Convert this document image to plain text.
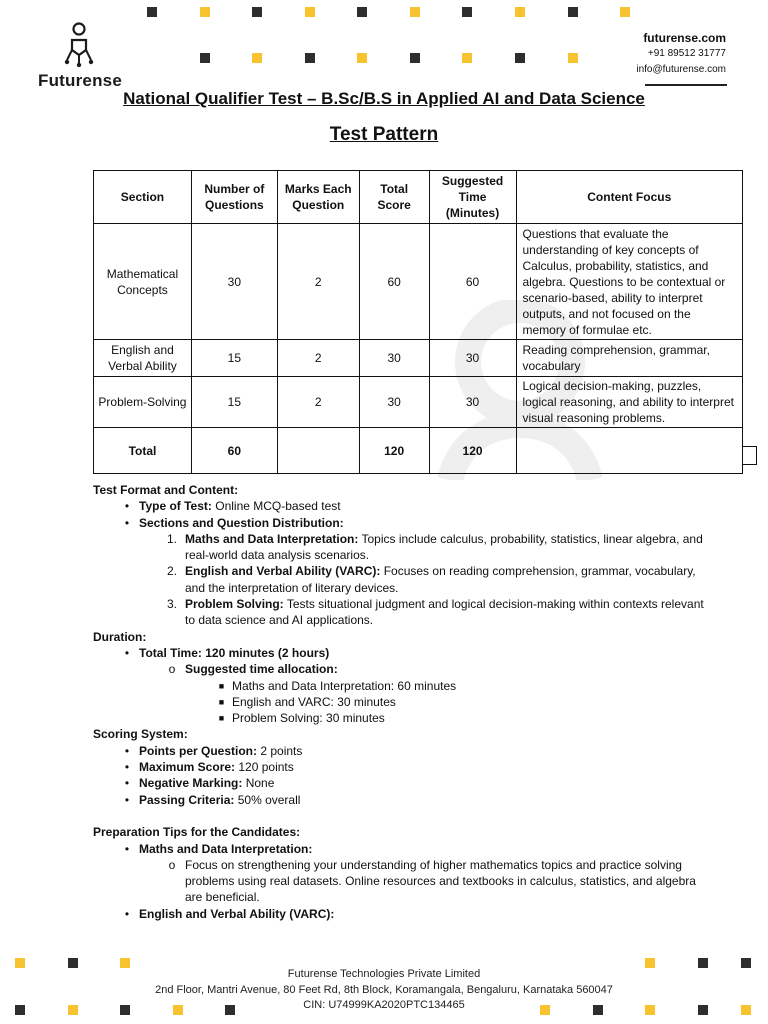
Futurense
futurense.com
+91 89512 31777
info@futurense.com
National Qualifier Test – B.Sc/B.S in Applied AI and Data Science
Test Pattern
Section	Number of Questions	Marks Each Question	Total Score	Suggested Time (Minutes)	Content Focus
Mathematical Concepts	30	2	60	60	Questions that evaluate the understanding of key concepts of Calculus, probability, statistics, and algebra. Questions to be contextual or scenario-based, ability to interpret outputs, and not focused on the memory of formulae etc.
English and Verbal Ability	15	2	30	30	Reading comprehension, grammar, vocabulary
Problem-Solving	15	2	30	30	Logical decision-making, puzzles, logical reasoning, and ability to interpret visual reasoning problems.
Total	60		120	120	
Test Format and Content:
• Type of Test: Online MCQ-based test
• Sections and Question Distribution:
1. Maths and Data Interpretation: Topics include calculus, probability, statistics, linear algebra, and real-world data analysis scenarios.
2. English and Verbal Ability (VARC): Focuses on reading comprehension, grammar, vocabulary, and the interpretation of literary devices.
3. Problem Solving: Tests situational judgment and logical decision-making within contexts relevant to data science and AI applications.
Duration:
• Total Time: 120 minutes (2 hours)
o Suggested time allocation:
■ Maths and Data Interpretation: 60 minutes
■ English and VARC: 30 minutes
■ Problem Solving: 30 minutes
Scoring System:
• Points per Question: 2 points
• Maximum Score: 120 points
• Negative Marking: None
• Passing Criteria: 50% overall
Preparation Tips for the Candidates:
• Maths and Data Interpretation:
o Focus on strengthening your understanding of higher mathematics topics and practice solving problems using real datasets. Online resources and textbooks in calculus, statistics, and algebra are beneficial.
• English and Verbal Ability (VARC):
Futurense Technologies Private Limited
2nd Floor, Mantri Avenue, 80 Feet Rd, 8th Block, Koramangala, Bengaluru, Karnataka 560047
CIN: U74999KA2020PTC134465
